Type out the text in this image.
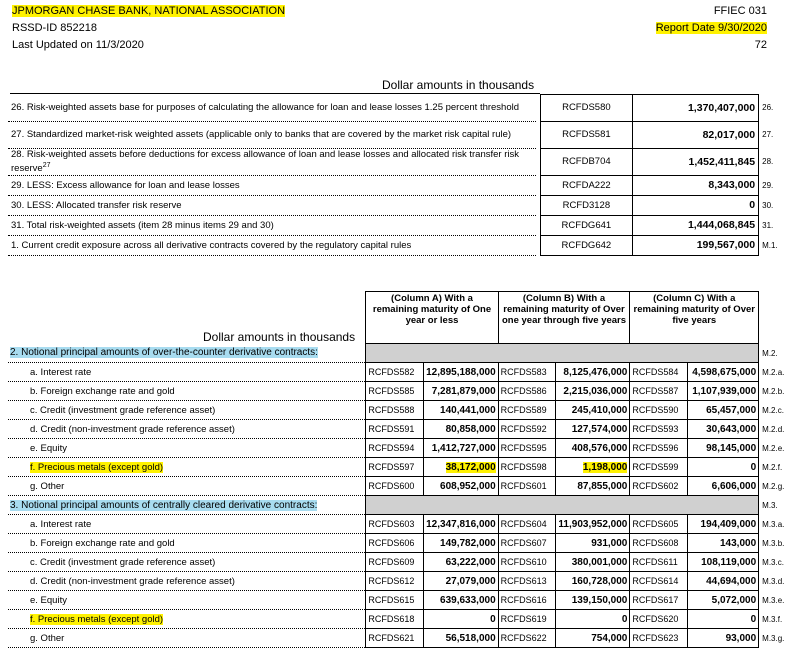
JPMORGAN CHASE BANK, NATIONAL ASSOCIATION
RSSD-ID 852218
Last Updated on 11/3/2020
FFIEC 031
Report Date 9/30/2020
72
Dollar amounts in thousands
26. Risk-weighted assets base for purposes of calculating the allowance for loan and lease losses 1.25 percent threshold		RCFDS580	1,370,407,000	26.
27. Standardized market-risk weighted assets (applicable only to banks that are covered by the market risk capital rule)		RCFDS581	82,017,000	27.
28. Risk-weighted assets before deductions for excess allowance of loan and lease losses and allocated risk transfer risk reserve$^{27}$		RCFDB704	1,452,411,845	28.
29. LESS: Excess allowance for loan and lease losses		RCFDA222	8,343,000	29.
30. LESS: Allocated transfer risk reserve		RCFD3128	0	30.
31. Total risk-weighted assets (item 28 minus items 29 and 30)		RCFDG641	1,444,068,845	31.
1. Current credit exposure across all derivative contracts covered by the regulatory capital rules		RCFDG642	199,567,000	M.1.
Dollar amounts in thousands
	(Column A) With a remaining maturity of One year or less		(Column B) With a remaining maturity of Over one year through five years		(Column C) With a remaining maturity of Over five years		
2. Notional principal amounts of over-the-counter derivative contracts:							M.2.
a. Interest rate	RCFDS582	12,895,188,000	RCFDS583	8,125,476,000	RCFDS584	4,598,675,000	M.2.a.
b. Foreign exchange rate and gold	RCFDS585	7,281,879,000	RCFDS586	2,215,036,000	RCFDS587	1,107,939,000	M.2.b.
c. Credit (investment grade reference asset)	RCFDS588	140,441,000	RCFDS589	245,410,000	RCFDS590	65,457,000	M.2.c.
d. Credit (non-investment grade reference asset)	RCFDS591	80,858,000	RCFDS592	127,574,000	RCFDS593	30,643,000	M.2.d.
e. Equity	RCFDS594	1,412,727,000	RCFDS595	408,576,000	RCFDS596	98,145,000	M.2.e.
f. Precious metals (except gold)	RCFDS597	38,172,000	RCFDS598	1,198,000	RCFDS599	0	M.2.f.
g. Other	RCFDS600	608,952,000	RCFDS601	87,855,000	RCFDS602	6,606,000	M.2.g.
3. Notional principal amounts of centrally cleared derivative contracts:							M.3.
a. Interest rate	RCFDS603	12,347,816,000	RCFDS604	11,903,952,000	RCFDS605	194,409,000	M.3.a.
b. Foreign exchange rate and gold	RCFDS606	149,782,000	RCFDS607	931,000	RCFDS608	143,000	M.3.b.
c. Credit (investment grade reference asset)	RCFDS609	63,222,000	RCFDS610	380,001,000	RCFDS611	108,119,000	M.3.c.
d. Credit (non-investment grade reference asset)	RCFDS612	27,079,000	RCFDS613	160,728,000	RCFDS614	44,694,000	M.3.d.
e. Equity	RCFDS615	639,633,000	RCFDS616	139,150,000	RCFDS617	5,072,000	M.3.e.
f. Precious metals (except gold)	RCFDS618	0	RCFDS619	0	RCFDS620	0	M.3.f.
g. Other	RCFDS621	56,518,000	RCFDS622	754,000	RCFDS623	93,000	M.3.g.
